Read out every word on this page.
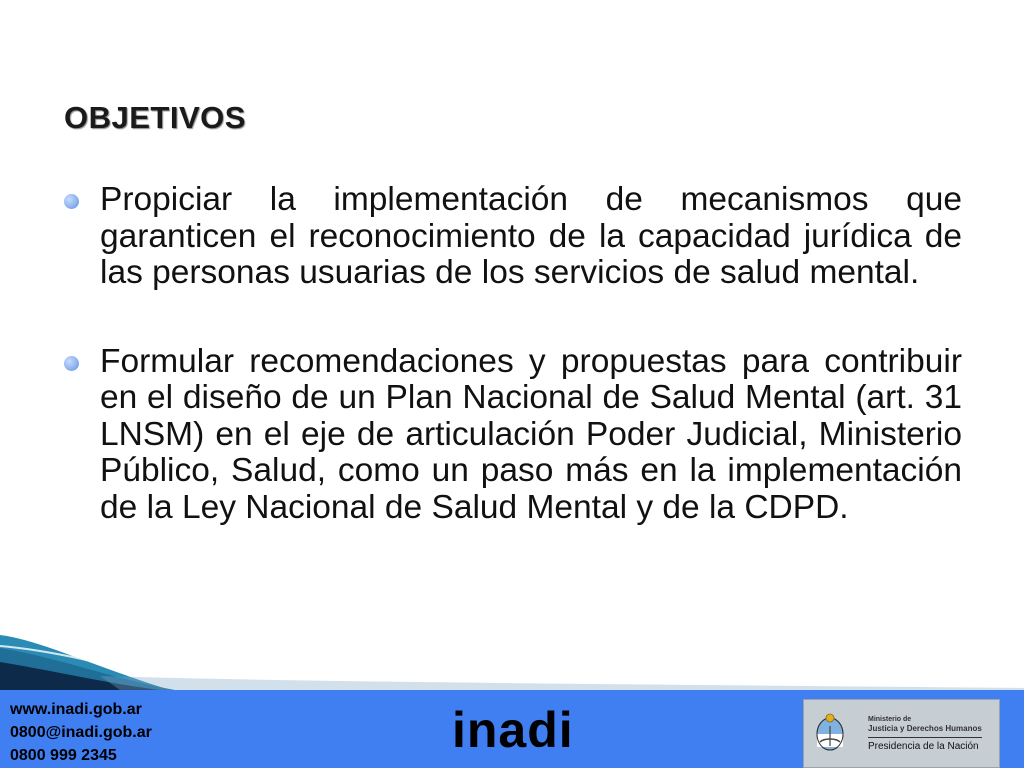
OBJETIVOS
Propiciar la implementación de mecanismos que garanticen el reconocimiento de la capacidad jurídica de las personas usuarias de los servicios de salud mental.
Formular recomendaciones y propuestas para contribuir en el diseño de un Plan Nacional de Salud Mental (art. 31 LNSM) en el eje de articulación Poder Judicial, Ministerio Público, Salud, como un paso más en la implementación de la Ley Nacional de Salud Mental y de la CDPD.
www.inadi.gob.ar
0800@inadi.gob.ar
0800 999 2345	inadi	Ministerio de
Justicia y Derechos Humanos
Presidencia de la Nación
